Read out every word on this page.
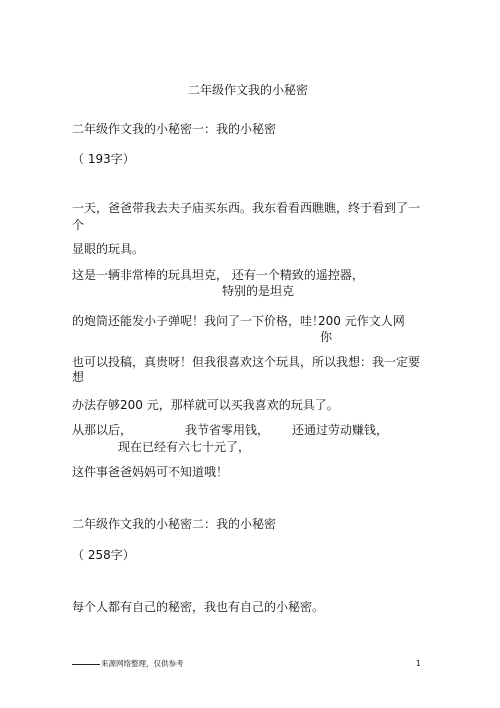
二年级作文我的小秘密
二年级作文我的小秘密一：我的小秘密
（ 193字）
一天，爸爸带我去夫子庙买东西。我东看看西瞧瞧，终于看到了一
个
显眼的玩具。
这是一辆非常棒的玩具坦克， 还有一个精致的遥控器，
特别的是坦克
的炮筒还能发小子弹呢！我问了一下价格，哇！
200 元作文人网
你
也可以投稿，真贵呀！但我很喜欢这个玩具，所以我想：我一定要
想
办法存够200 元，那样就可以买我喜欢的玩具了。
从那以后，	我节省零用钱， 还通过劳动赚钱，
现在已经有六七十元了，
这件事爸爸妈妈可不知道哦！
二年级作文我的小秘密二：我的小秘密
（ 258字）
每个人都有自己的秘密，我也有自己的小秘密。
来源网络整理，仅供参考	1
